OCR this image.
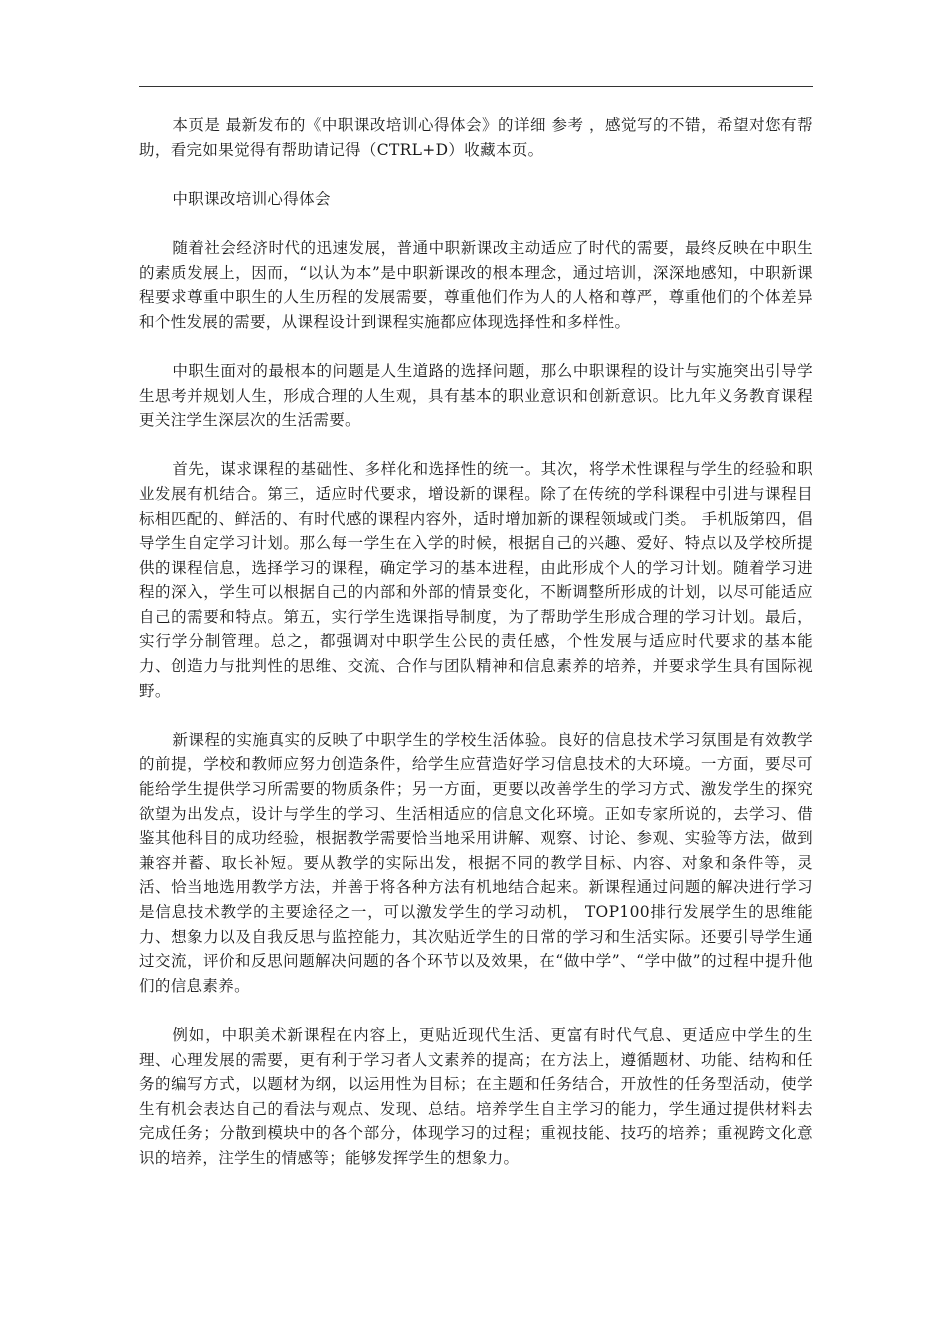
本页是 最新发布的《中职课改培训心得体会》的详细 参考 ，感觉写的不错，希望对您有帮助，看完如果觉得有帮助请记得（CTRL+D）收藏本页。

中职课改培训心得体会

随着社会经济时代的迅速发展，普通中职新课改主动适应了时代的需要，最终反映在中职生的素质发展上，因而，“以认为本”是中职新课改的根本理念，通过培训，深深地感知，中职新课程要求尊重中职生的人生历程的发展需要，尊重他们作为人的人格和尊严，尊重他们的个体差异和个性发展的需要，从课程设计到课程实施都应体现选择性和多样性。

中职生面对的最根本的问题是人生道路的选择问题，那么中职课程的设计与实施突出引导学生思考并规划人生，形成合理的人生观，具有基本的职业意识和创新意识。比九年义务教育课程更关注学生深层次的生活需要。

首先，谋求课程的基础性、多样化和选择性的统一。其次，将学术性课程与学生的经验和职业发展有机结合。第三，适应时代要求，增设新的课程。除了在传统的学科课程中引进与课程目标相匹配的、鲜活的、有时代感的课程内容外，适时增加新的课程领域或门类。 手机版第四，倡导学生自定学习计划。那么每一学生在入学的时候，根据自己的兴趣、爱好、特点以及学校所提供的课程信息，选择学习的课程，确定学习的基本进程，由此形成个人的学习计划。随着学习进程的深入，学生可以根据自己的内部和外部的情景变化，不断调整所形成的计划，以尽可能适应自己的需要和特点。第五，实行学生选课指导制度，为了帮助学生形成合理的学习计划。最后，实行学分制管理。总之，都强调对中职学生公民的责任感，个性发展与适应时代要求的基本能力、创造力与批判性的思维、交流、合作与团队精神和信息素养的培养，并要求学生具有国际视野。

新课程的实施真实的反映了中职学生的学校生活体验。良好的信息技术学习氛围是有效教学的前提，学校和教师应努力创造条件，给学生应营造好学习信息技术的大环境。一方面，要尽可能给学生提供学习所需要的物质条件；另一方面，更要以改善学生的学习方式、激发学生的探究欲望为出发点，设计与学生的学习、生活相适应的信息文化环境。正如专家所说的，去学习、借鉴其他科目的成功经验，根据教学需要恰当地采用讲解、观察、讨论、参观、实验等方法，做到兼容并蓄、取长补短。要从教学的实际出发，根据不同的教学目标、内容、对象和条件等，灵活、恰当地选用教学方法，并善于将各种方法有机地结合起来。新课程通过问题的解决进行学习是信息技术教学的主要途径之一，可以激发学生的学习动机， TOP100排行发展学生的思维能力、想象力以及自我反思与监控能力，其次贴近学生的日常的学习和生活实际。还要引导学生通过交流，评价和反思问题解决问题的各个环节以及效果，在“做中学”、“学中做”的过程中提升他们的信息素养。

例如，中职美术新课程在内容上，更贴近现代生活、更富有时代气息、更适应中学生的生理、心理发展的需要，更有利于学习者人文素养的提高；在方法上，遵循题材、功能、结构和任务的编写方式，以题材为纲，以运用性为目标；在主题和任务结合，开放性的任务型活动，使学生有机会表达自己的看法与观点、发现、总结。培养学生自主学习的能力，学生通过提供材料去完成任务；分散到模块中的各个部分，体现学习的过程；重视技能、技巧的培养；重视跨文化意识的培养，注学生的情感等；能够发挥学生的想象力。
